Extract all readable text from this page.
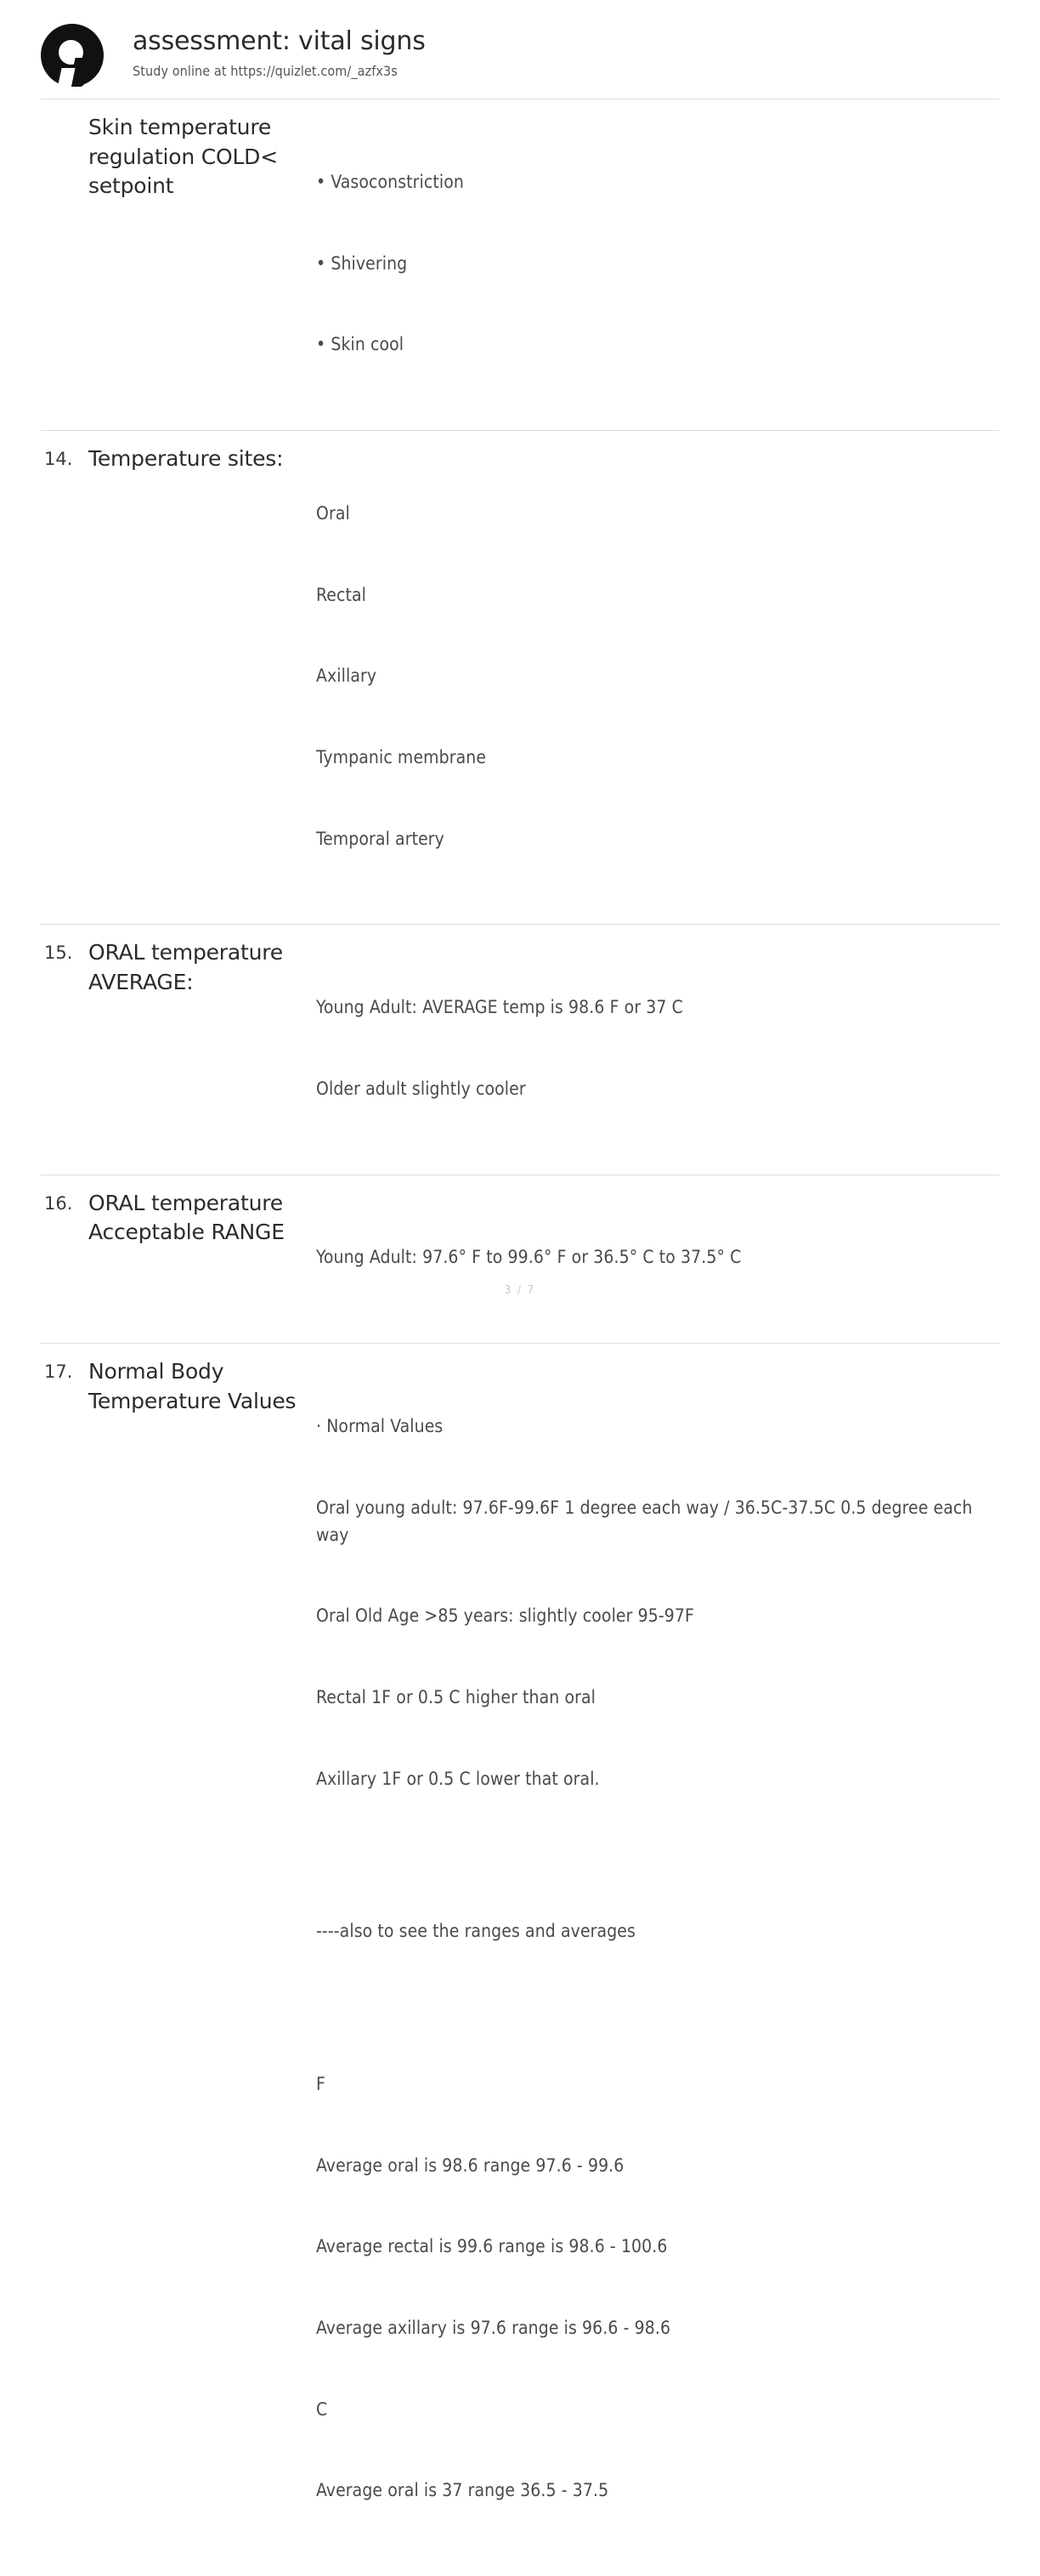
assessment: vital signs
Study online at https://quizlet.com/_azfx3s
Skin temperature regulation COLD< setpoint

	• Vasoconstriction

• Shivering

• Skin cool

14. Temperature sites:

Oral

Rectal

Axillary

Tympanic membrane

Temporal artery

15. ORAL temperature AVERAGE:

Young Adult: AVERAGE temp is 98.6 F or 37 C

Older adult slightly cooler

16. ORAL temperature Acceptable RANGE

Young Adult: 97.6° F to 99.6° F or 36.5° C to 37.5° C

17. Normal Body Temperature Values

· Normal Values

Oral young adult: 97.6F-99.6F 1 degree each way / 36.5C-37.5C 0.5 degree each way

Oral Old Age >85 years: slightly cooler 95-97F

Rectal 1F or 0.5 C higher than oral

Axillary 1F or 0.5 C lower that oral.

----also to see the ranges and averages

F

Average oral is 98.6 range 97.6 - 99.6

Average rectal is 99.6 range is 98.6 - 100.6

Average axillary is 97.6 range is 96.6 - 98.6

C

Average oral is 37 range 36.5 - 37.5

3 / 7
